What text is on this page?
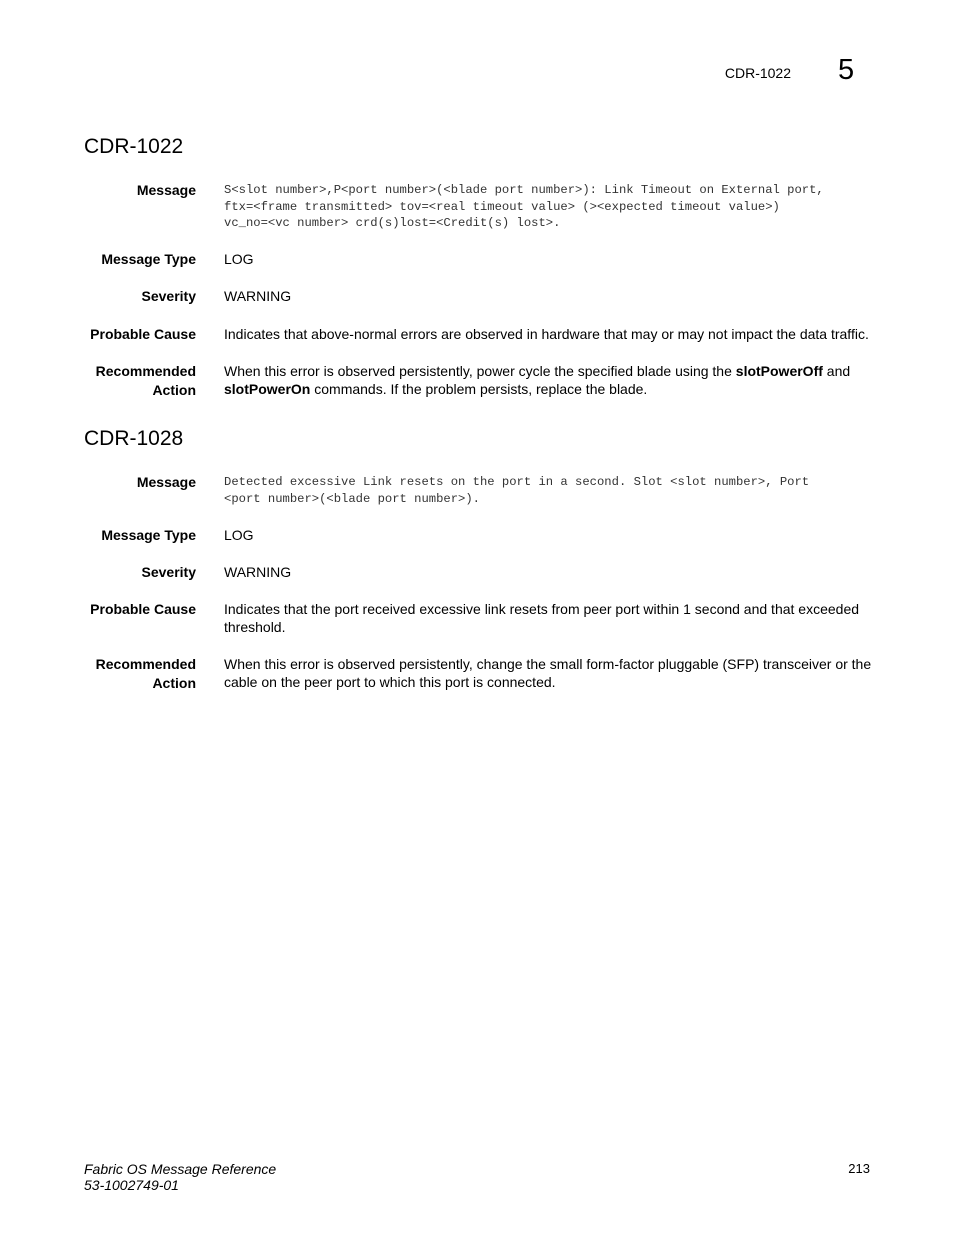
CDR-1022 5
CDR-1022
Message S<slot number>,P<port number>(<blade port number>): Link Timeout on External port,
ftx=<frame transmitted> tov=<real timeout value> (><expected timeout value>)
vc_no=<vc number> crd(s)lost=<Credit(s) lost>.
Message Type LOG
Severity WARNING
Probable Cause Indicates that above-normal errors are observed in hardware that may or may not impact the data traffic.
Recommended
Action
When this error is observed persistently, power cycle the specified blade using the slotPowerOff and slotPowerOn commands. If the problem persists, replace the blade.
CDR-1028
Message Detected excessive Link resets on the port in a second. Slot <slot number>, Port
<port number>(<blade port number>).
Message Type LOG
Severity WARNING
Probable Cause Indicates that the port received excessive link resets from peer port within 1 second and that exceeded threshold.
Recommended
Action
When this error is observed persistently, change the small form-factor pluggable (SFP) transceiver or the cable on the peer port to which this port is connected.
Fabric OS Message Reference
53-1002749-01
213
